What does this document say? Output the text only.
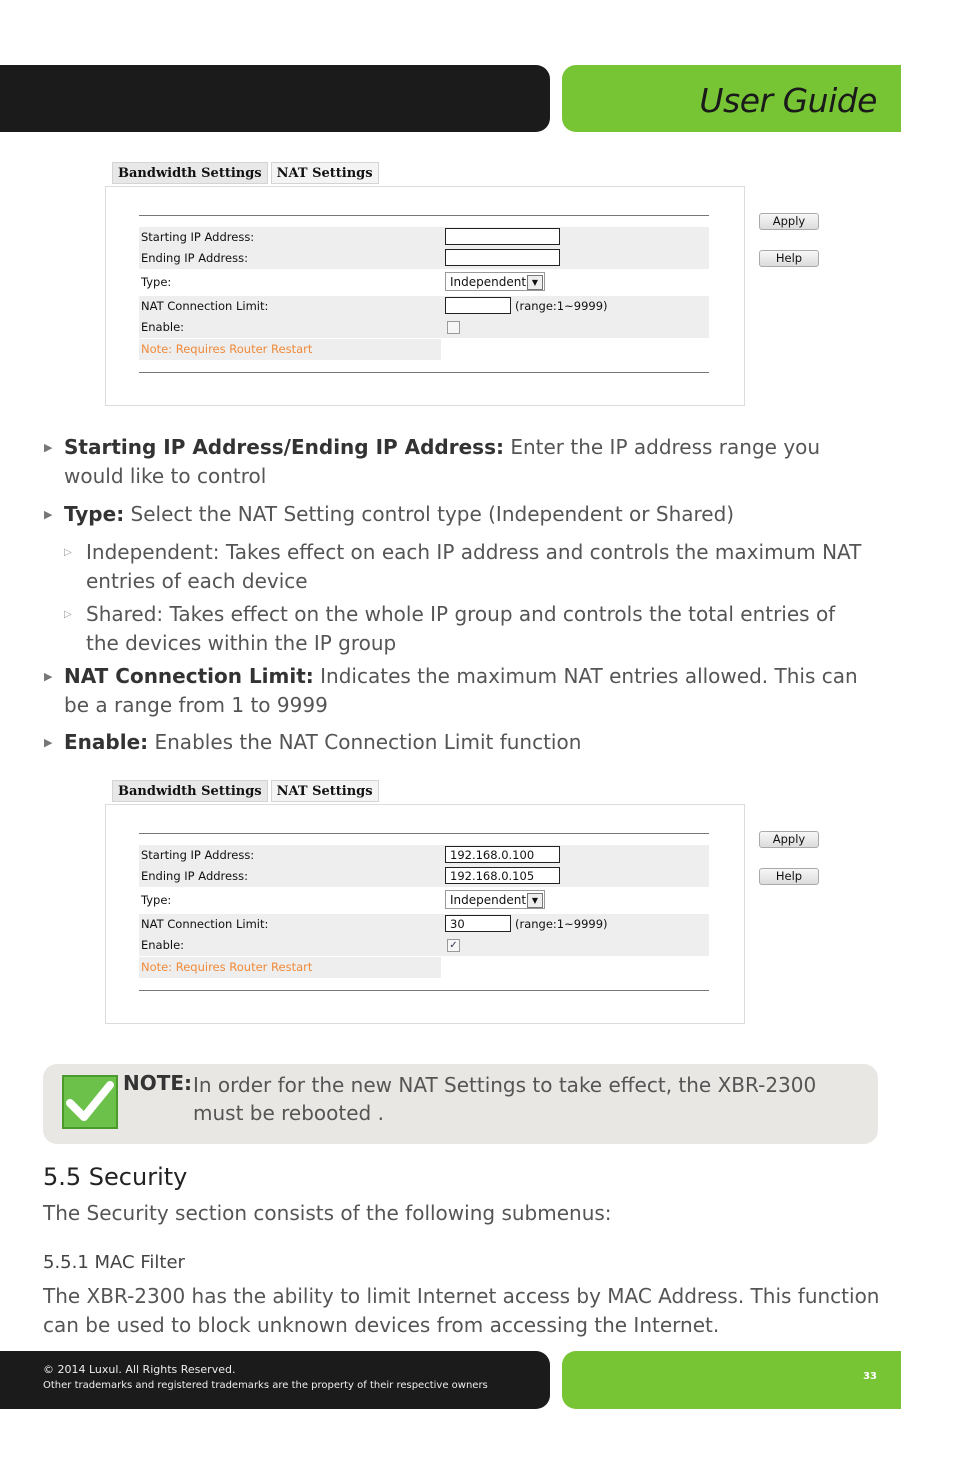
User Guide
Bandwidth Settings	NAT Settings
Starting IP Address:
Ending IP Address:
Type:	Independent ▼
NAT Connection Limit:	(range:1~9999)
Enable:
Note: Requires Router Restart
Apply
Help
▶ Starting IP Address/Ending IP Address: Enter the IP address range you would like to control
▶ Type: Select the NAT Setting control type (Independent or Shared)
▷ Independent: Takes effect on each IP address and controls the maximum NAT entries of each device
▷ Shared: Takes effect on the whole IP group and controls the total entries of the devices within the IP group
▶ NAT Connection Limit: Indicates the maximum NAT entries allowed. This can be a range from 1 to 9999
▶ Enable: Enables the NAT Connection Limit function
Bandwidth Settings	NAT Settings
Starting IP Address:	192.168.0.100
Ending IP Address:	192.168.0.105
Type:	Independent ▼
NAT Connection Limit:	30	(range:1~9999)
Enable:	✓
Note: Requires Router Restart
Apply
Help
NOTE: In order for the new NAT Settings to take effect, the XBR-2300 must be rebooted .
5.5 Security
The Security section consists of the following submenus:
5.5.1 MAC Filter
The XBR-2300 has the ability to limit Internet access by MAC Address. This function can be used to block unknown devices from accessing the Internet.
© 2014 Luxul. All Rights Reserved.
Other trademarks and registered trademarks are the property of their respective owners
33
